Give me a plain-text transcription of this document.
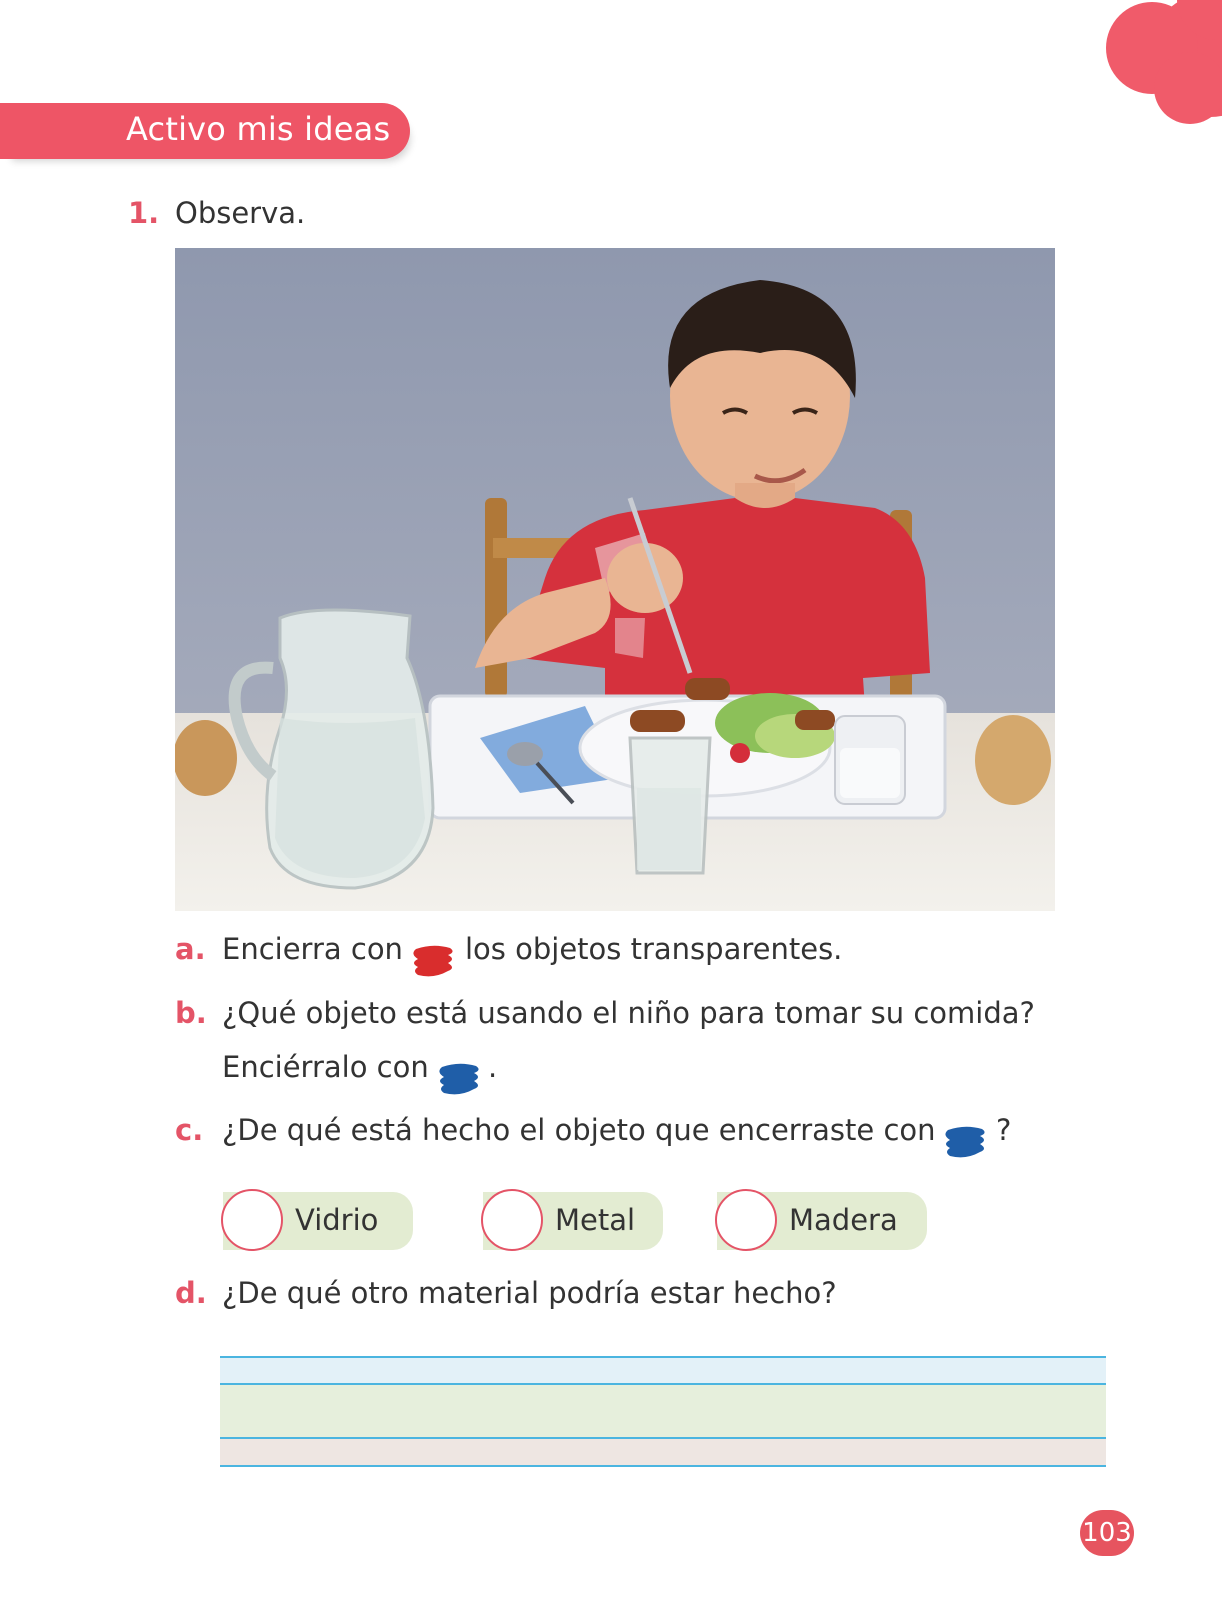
Activo mis ideas
1. Observa.
a. Encierra con los objetos transparentes.
b. ¿Qué objeto está usando el niño para tomar su comida?
Enciérralo con .
c. ¿De qué está hecho el objeto que encerraste con ?
Vidrio	Metal	Madera
d. ¿De qué otro material podría estar hecho?
103
